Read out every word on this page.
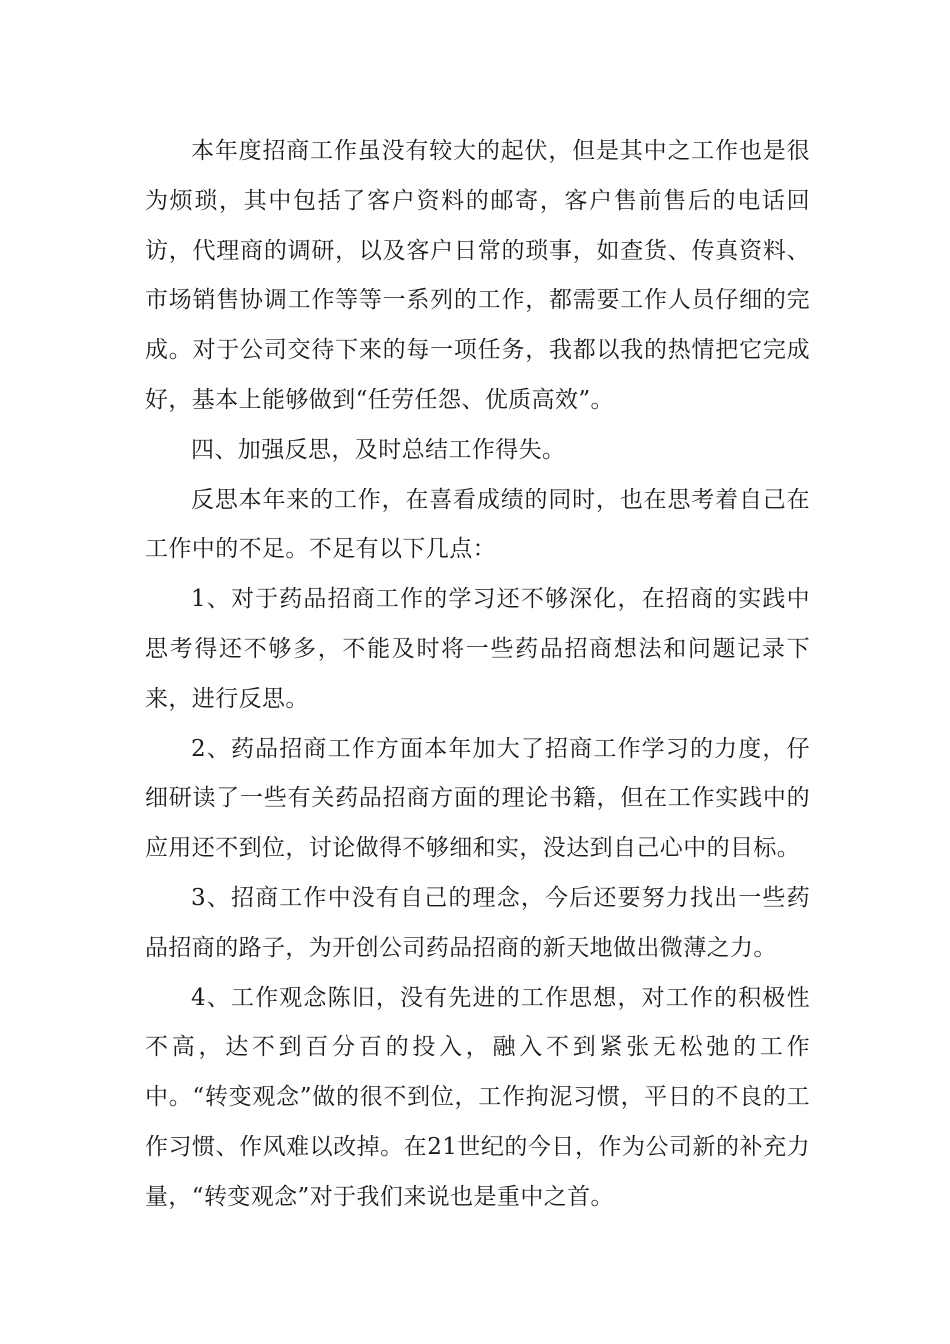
本年度招商工作虽没有较大的起伏，但是其中之工作也是很为烦琐，其中包括了客户资料的邮寄，客户售前售后的电话回访，代理商的调研，以及客户日常的琐事，如查货、传真资料、市场销售协调工作等等一系列的工作，都需要工作人员仔细的完成。对于公司交待下来的每一项任务，我都以我的热情把它完成好，基本上能够做到“任劳任怨、优质高效”。

四、加强反思，及时总结工作得失。

反思本年来的工作，在喜看成绩的同时，也在思考着自己在工作中的不足。不足有以下几点：

1、对于药品招商工作的学习还不够深化，在招商的实践中思考得还不够多，不能及时将一些药品招商想法和问题记录下来，进行反思。

2、药品招商工作方面本年加大了招商工作学习的力度，仔细研读了一些有关药品招商方面的理论书籍，但在工作实践中的应用还不到位，讨论做得不够细和实，没达到自己心中的目标。

3、招商工作中没有自己的理念，今后还要努力找出一些药品招商的路子，为开创公司药品招商的新天地做出微薄之力。

4、工作观念陈旧，没有先进的工作思想，对工作的积极性不高，达不到百分百的投入，融入不到紧张无松弛的工作中。“转变观念”做的很不到位，工作拘泥习惯，平日的不良的工作习惯、作风难以改掉。在21世纪的今日，作为公司新的补充力量，“转变观念”对于我们来说也是重中之首。
